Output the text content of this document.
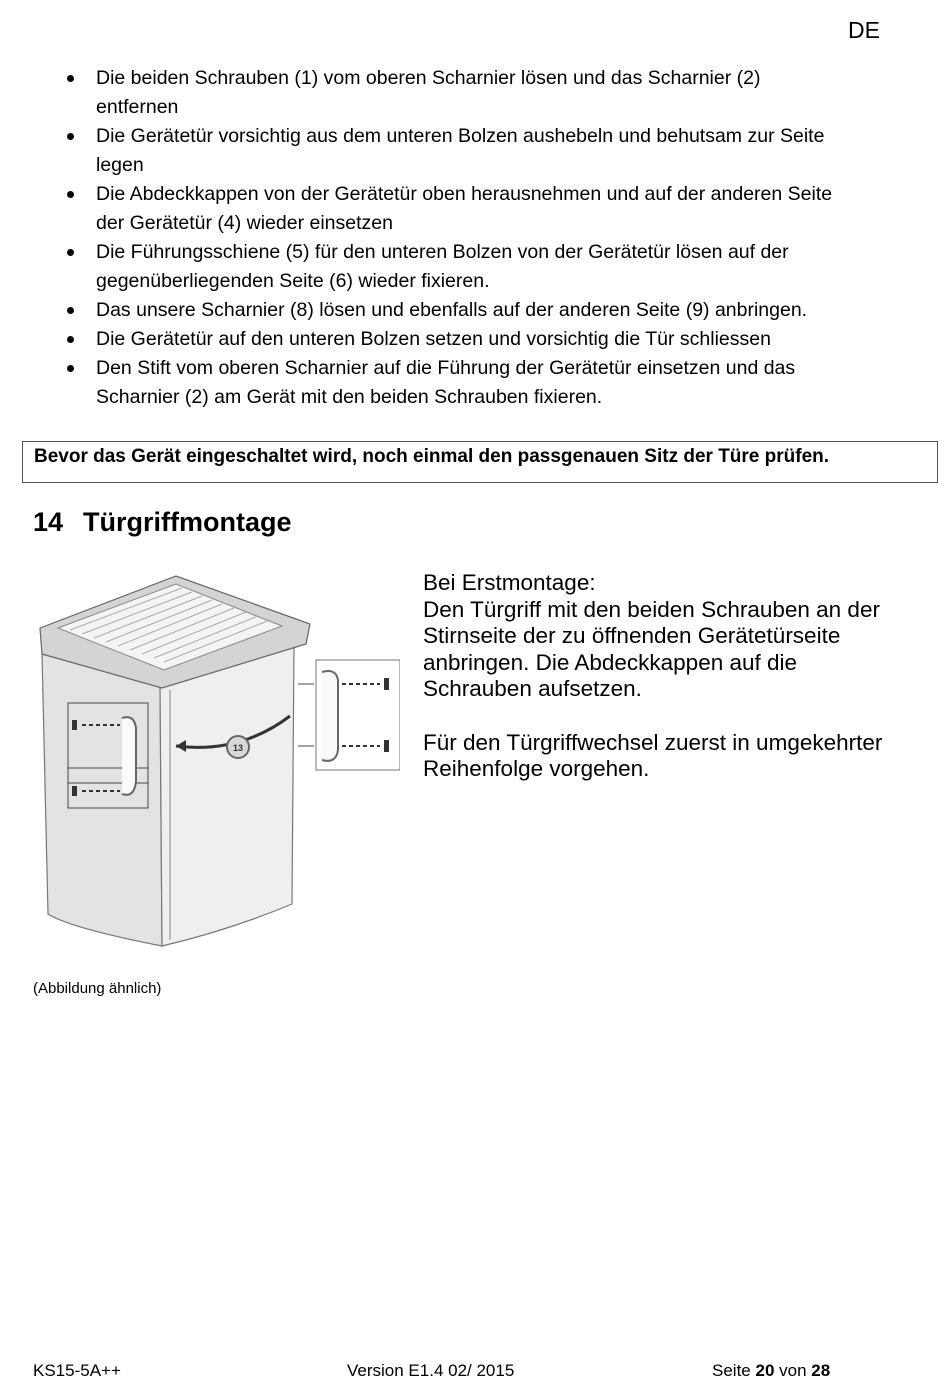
DE
Die beiden Schrauben (1) vom oberen Scharnier lösen und das Scharnier (2)
entfernen
Die Gerätetür vorsichtig aus dem unteren Bolzen aushebeln und behutsam zur Seite
legen
Die Abdeckkappen von der Gerätetür oben herausnehmen und auf der anderen Seite
der Gerätetür (4) wieder einsetzen
Die Führungsschiene (5) für den unteren Bolzen von der Gerätetür lösen auf der
gegenüberliegenden Seite (6) wieder fixieren.
Das unsere Scharnier (8) lösen und ebenfalls auf der anderen Seite (9) anbringen.
Die Gerätetür auf den unteren Bolzen setzen und vorsichtig die Tür schliessen
Den Stift vom oberen Scharnier auf die Führung der Gerätetür einsetzen und das
Scharnier (2) am Gerät mit den beiden Schrauben fixieren.
Bevor das Gerät eingeschaltet wird, noch einmal den passgenauen Sitz der Türe prüfen.
14 Türgriffmontage
13

Bei Erstmontage:

Den Türgriff mit den beiden Schrauben an der

Stirnseite der zu öffnenden Gerätetürseite

anbringen. Die Abdeckkappen auf die

Schrauben aufsetzen.

Für den Türgriffwechsel zuerst in umgekehrter

Reihenfolge vorgehen.

(Abbildung ähnlich)
KS15-5A++	Version E1.4 02/ 2015	Seite 20 von 28
